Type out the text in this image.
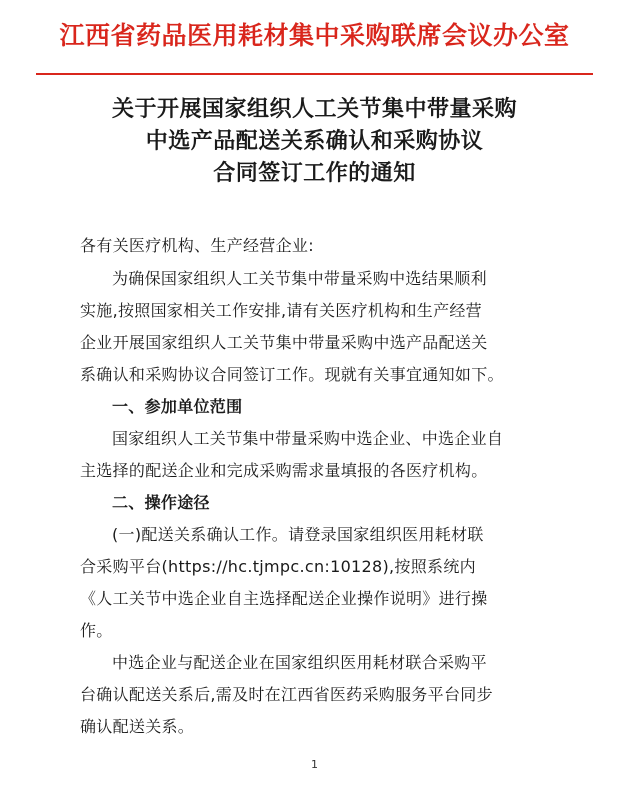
江西省药品医用耗材集中采购联席会议办公室
关于开展国家组织人工关节集中带量采购
中选产品配送关系确认和采购协议
合同签订工作的通知
各有关医疗机构、生产经营企业:
为确保国家组织人工关节集中带量采购中选结果顺利
实施,按照国家相关工作安排,请有关医疗机构和生产经营
企业开展国家组织人工关节集中带量采购中选产品配送关
系确认和采购协议合同签订工作。现就有关事宜通知如下。
一、参加单位范围
国家组织人工关节集中带量采购中选企业、中选企业自
主选择的配送企业和完成采购需求量填报的各医疗机构。
二、操作途径
(一)配送关系确认工作。请登录国家组织医用耗材联
合采购平台(https://hc.tjmpc.cn:10128),按照系统内
《人工关节中选企业自主选择配送企业操作说明》进行操
作。
中选企业与配送企业在国家组织医用耗材联合采购平
台确认配送关系后,需及时在江西省医药采购服务平台同步
确认配送关系。
1
